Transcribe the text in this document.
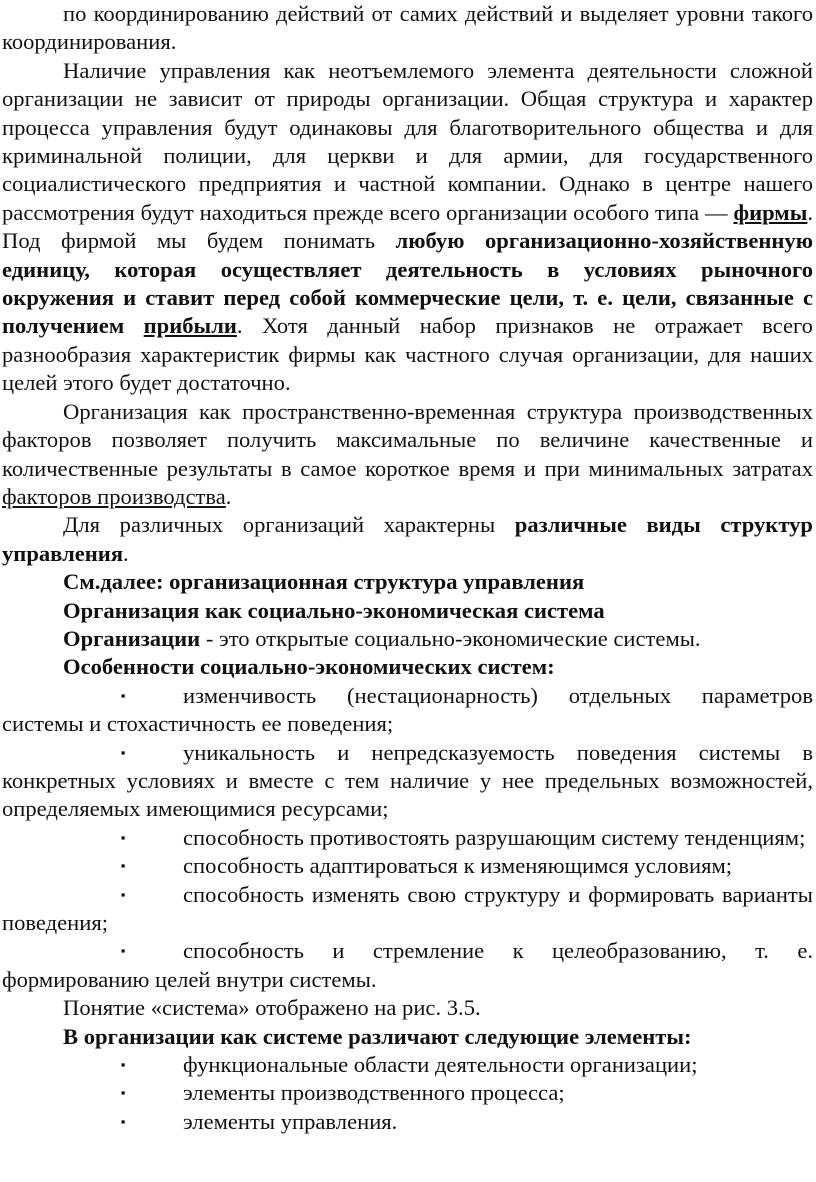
по координированию действий от самих действий и выделяет уровни такого координирования.

Наличие управления как неотъемлемого элемента деятельности сложной организации не зависит от природы организации. Общая структура и характер процесса управления будут одинаковы для благотворительного общества и для криминальной полиции, для церкви и для армии, для государственного социалистического предприятия и частной компании. Однако в центре нашего рассмотрения будут находиться прежде всего организации особого типа — фирмы. Под фирмой мы будем понимать любую организационно-хозяйственную единицу, которая осуществляет деятельность в условиях рыночного окружения и ставит перед собой коммерческие цели, т. е. цели, связанные с получением прибыли. Хотя данный набор признаков не отражает всего разнообразия характеристик фирмы как частного случая организации, для наших целей этого будет достаточно.

Организация как пространственно-временная структура производственных факторов позволяет получить максимальные по величине качественные и количественные результаты в самое короткое время и при минимальных затратах факторов производства.

Для различных организаций характерны различные виды структур управления.

См.далее: организационная структура управления

Организация как социально-экономическая система

Организации - это открытые социально-экономические системы.

Особенности социально-экономических систем:

▪	изменчивость (нестационарность) отдельных параметров системы и стохастичность ее поведения;

▪	уникальность и непредсказуемость поведения системы в конкретных условиях и вместе с тем наличие у нее предельных возможностей, определяемых имеющимися ресурсами;

▪	способность противостоять разрушающим систему тенденциям;

▪	способность адаптироваться к изменяющимся условиям;

▪	способность изменять свою структуру и формировать варианты поведения;

▪	способность и стремление к целеобразованию, т. е. формированию целей внутри системы.

Понятие «система» отображено на рис. 3.5.

В организации как системе различают следующие элементы:

▪	функциональные области деятельности организации;

▪	элементы производственного процесса;

▪	элементы управления.
